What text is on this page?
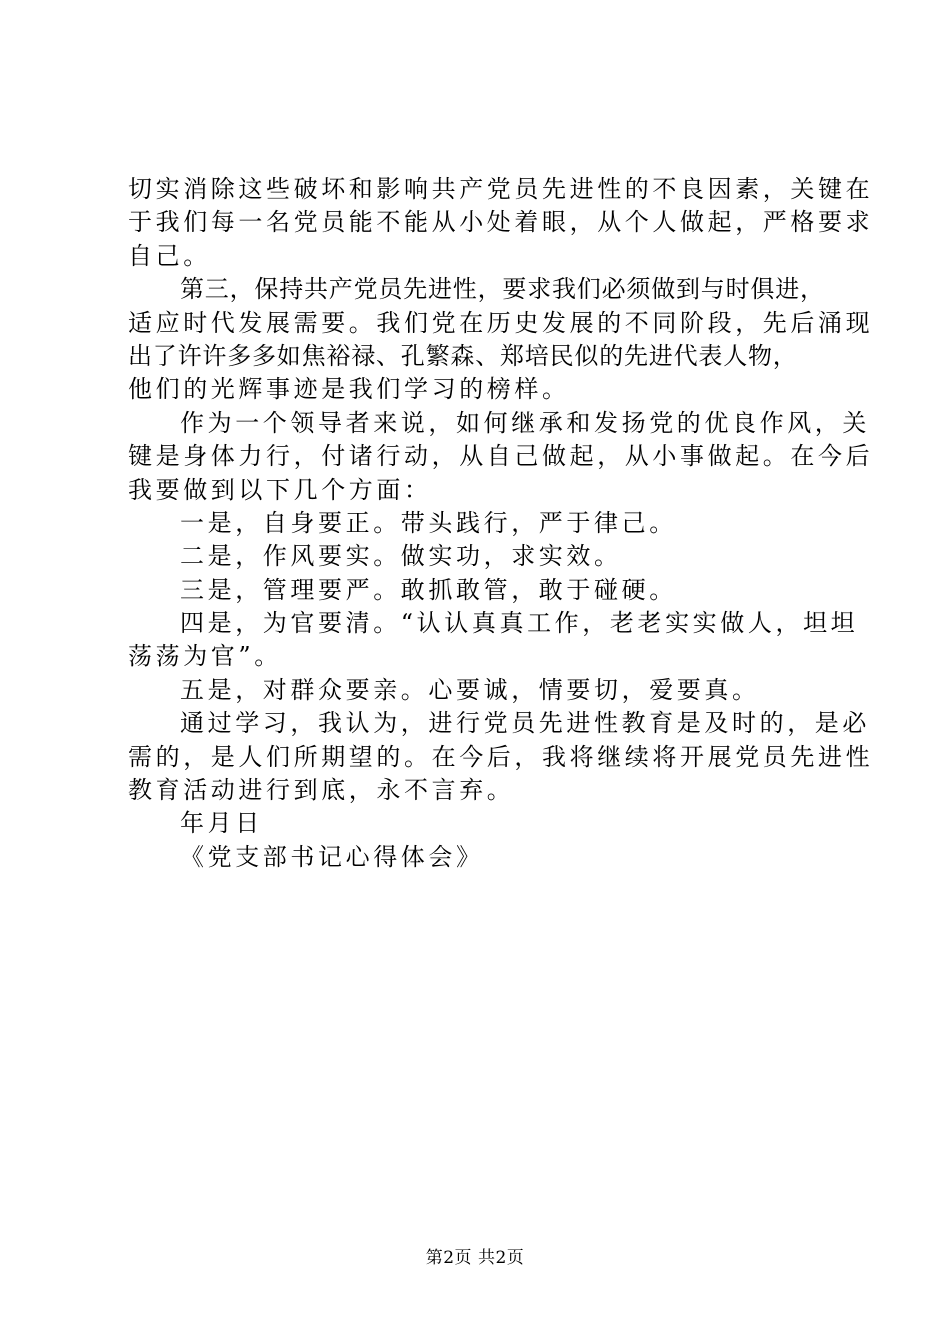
切实消除这些破坏和影响共产党员先进性的不良因素，关键在
于我们每一名党员能不能从小处着眼，从个人做起，严格要求
自己。
第三，保持共产党员先进性，要求我们必须做到与时俱进，
适应时代发展需要。我们党在历史发展的不同阶段，先后涌现
出了许许多多如焦裕禄、孔繁森、郑培民似的先进代表人物，
他们的光辉事迹是我们学习的榜样。
作为一个领导者来说，如何继承和发扬党的优良作风，关
键是身体力行，付诸行动，从自己做起，从小事做起。在今后
我要做到以下几个方面：
一是，自身要正。带头践行，严于律己。
二是，作风要实。做实功，求实效。
三是，管理要严。敢抓敢管，敢于碰硬。
四是，为官要清。“认认真真工作，老老实实做人，坦坦
荡荡为官”。
五是，对群众要亲。心要诚，情要切，爱要真。
通过学习，我认为，进行党员先进性教育是及时的，是必
需的，是人们所期望的。在今后，我将继续将开展党员先进性
教育活动进行到底，永不言弃。
年月日
《党支部书记心得体会》
第2页 共2页
